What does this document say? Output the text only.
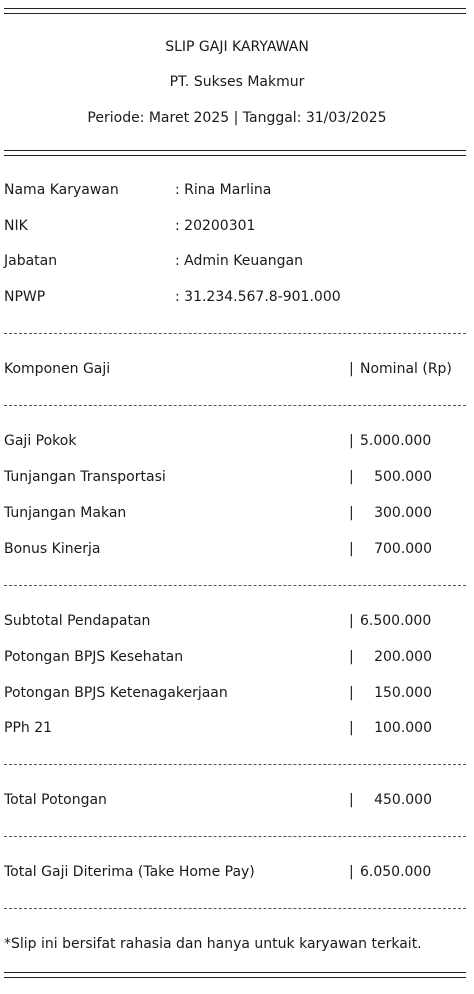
SLIP GAJI KARYAWAN
PT. Sukses Makmur
Periode: Maret 2025 | Tanggal: 31/03/2025
Nama Karyawan	: Rina Marlina
NIK	: 20200301
Jabatan	: Admin Keuangan
NPWP	: 31.234.567.8-901.000
Komponen Gaji	| Nominal (Rp)
Gaji Pokok	| 5.000.000
Tunjangan Transportasi	| 500.000
Tunjangan Makan	| 300.000
Bonus Kinerja	| 700.000
Subtotal Pendapatan	| 6.500.000
Potongan BPJS Kesehatan	| 200.000
Potongan BPJS Ketenagakerjaan	| 150.000
PPh 21	| 100.000
Total Potongan	| 450.000
Total Gaji Diterima (Take Home Pay)	| 6.050.000
*Slip ini bersifat rahasia dan hanya untuk karyawan terkait.
